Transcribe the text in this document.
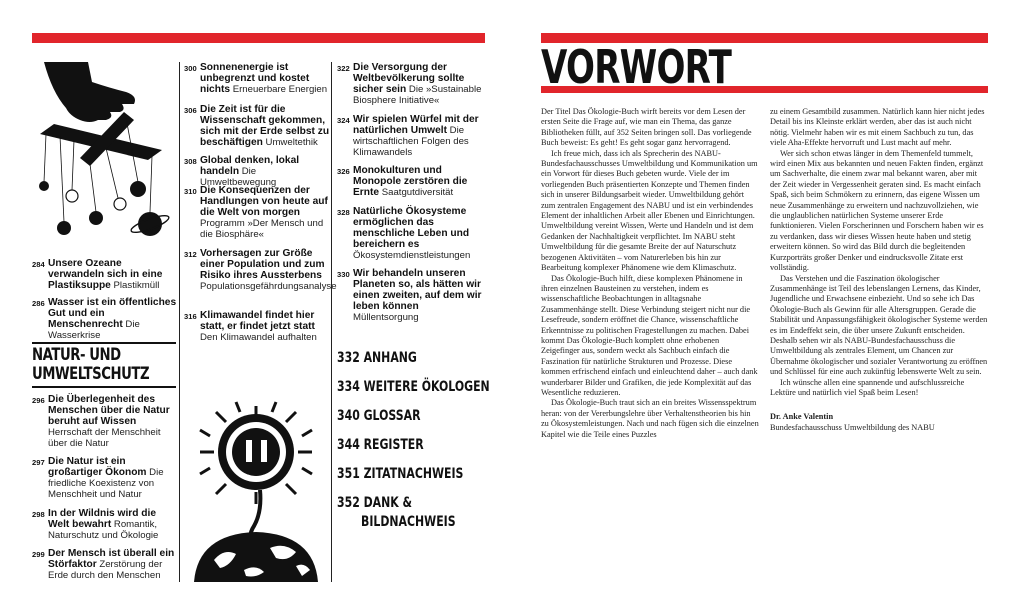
284 Unsere Ozeane verwandeln sich in eine Plastiksuppe Plastikmüll
286 Wasser ist ein öffentliches Gut und ein Menschenrecht Die Wasserkrise
NATUR- UND
UMWELTSCHUTZ
296 Die Überlegenheit des Menschen über die Natur beruht auf Wissen Herrschaft der Menschheit über die Natur
297 Die Natur ist ein großartiger Ökonom Die friedliche Koexistenz von Menschheit und Natur
298 In der Wildnis wird die Welt bewahrt Romantik, Naturschutz und Ökologie
299 Der Mensch ist überall ein Störfaktor Zerstörung der Erde durch den Menschen
300 Sonnenenergie ist unbegrenzt und kostet nichts Erneuerbare Energien
306 Die Zeit ist für die Wissenschaft gekommen, sich mit der Erde selbst zu beschäftigen Umweltethik
308 Global denken, lokal handeln Die Umweltbewegung
310 Die Konsequenzen der Handlungen von heute auf die Welt von morgen Programm »Der Mensch und die Biosphäre«
312 Vorhersagen zur Größe einer Population und zum Risiko ihres Aussterbens Populationsgefährdungsanalyse
316 Klimawandel findet hier statt, er findet jetzt statt Den Klimawandel aufhalten
322 Die Versorgung der Weltbevölkerung sollte sicher sein Die »Sustainable Biosphere Initiative«
324 Wir spielen Würfel mit der natürlichen Umwelt Die wirtschaftlichen Folgen des Klimawandels
326 Monokulturen und Monopole zerstören die Ernte Saatgutdiversität
328 Natürliche Ökosysteme ermöglichen das menschliche Leben und bereichern es Ökosystemdienstleistungen
330 Wir behandeln unseren Planeten so, als hätten wir einen zweiten, auf dem wir leben können Müllentsorgung
332 ANHANG
334 WEITERE ÖKOLOGEN
340 GLOSSAR
344 REGISTER
351 ZITATNACHWEIS
352 DANK &
BILDNACHWEIS
VORWORT

Der Titel Das Ökologie-Buch wirft bereits vor dem Lesen der ersten Seite die Frage auf, wie man ein Thema, das ganze Bibliotheken füllt, auf 352 Seiten bringen soll. Das vorliegende Buch beweist: Es geht! Es geht sogar ganz hervorragend.

Ich freue mich, dass ich als Sprecherin des NABU-Bundesfachausschusses Umweltbildung und Kommunikation um ein Vorwort für dieses Buch gebeten wurde. Viele der im vorliegenden Buch präsentierten Konzepte und Themen finden sich in unserer Bildungsarbeit wieder. Umweltbildung gehört zum zentralen Engagement des NABU und ist ein verbindendes Element der inhaltlichen Arbeit aller Ebenen und Einrichtungen. Umweltbildung vereint Wissen, Werte und Handeln und ist dem Gedanken der Nachhaltigkeit verpflichtet. Im NABU steht Umweltbildung für die gesamte Breite der auf Naturschutz bezogenen Aktivitäten – vom Naturerleben bis hin zur Bearbeitung komplexer Phänomene wie dem Klimaschutz.

Das Ökologie-Buch hilft, diese komplexen Phänomene in ihren einzelnen Bausteinen zu verstehen, indem es wissenschaftliche Beobachtungen in alltagsnahe Zusammenhänge stellt. Diese Verbindung steigert nicht nur die Lesefreude, sondern eröffnet die Chance, wissenschaftliche Erkenntnisse zu politischen Fragestellungen zu machen. Dabei kommt Das Ökologie-Buch komplett ohne erhobenen Zeigefinger aus, sondern weckt als Sachbuch einfach die Faszination für natürliche Strukturen und Prozesse. Diese kommen erfrischend einfach und einleuchtend daher – auch dank wunderbarer Bilder und Grafiken, die jede Komplexität auf das Wesentliche reduzieren.

Das Ökologie-Buch traut sich an ein breites Wissensspektrum heran: von der Vererbungslehre über Verhaltenstheorien bis hin zu Ökosystemleistungen. Nach und nach fügen sich die einzelnen Kapitel wie die Teile eines Puzzles

zu einem Gesamtbild zusammen. Natürlich kann hier nicht jedes Detail bis ins Kleinste erklärt werden, aber das ist auch nicht nötig. Vielmehr haben wir es mit einem Sachbuch zu tun, das viele Aha-Effekte hervorruft und Lust macht auf mehr.

Wer sich schon etwas länger in dem Themenfeld tummelt, wird einen Mix aus bekannten und neuen Fakten finden, ergänzt um Sachverhalte, die einem zwar mal bekannt waren, aber mit der Zeit wieder in Vergessenheit geraten sind. Es macht einfach Spaß, sich beim Schmökern zu erinnern, das eigene Wissen um neue Zusammenhänge zu erweitern und nachzuvollziehen, wie die unglaublichen natürlichen Systeme unserer Erde funktionieren. Vielen Forscherinnen und Forschern haben wir es zu verdanken, dass wir dieses Wissen heute haben und stetig erweitern können. So wird das Bild durch die begleitenden Kurzporträts großer Denker und eindrucksvolle Zitate erst vollständig.

Das Verstehen und die Faszination ökologischer Zusammenhänge ist Teil des lebenslangen Lernens, das Kinder, Jugendliche und Erwachsene einbezieht. Und so sehe ich Das Ökologie-Buch als Gewinn für alle Altersgruppen. Gerade die Stabilität und Anpassungsfähigkeit ökologischer Systeme werden es im Endeffekt sein, die über unsere Zukunft entscheiden. Deshalb sehen wir als NABU-Bundesfachausschuss die Umweltbildung als zentrales Element, um Chancen zur Übernahme ökologischer und sozialer Verantwortung zu eröffnen und Schlüssel für eine auch zukünftig lebenswerte Welt zu sein.

Ich wünsche allen eine spannende und aufschlussreiche Lektüre und natürlich viel Spaß beim Lesen!

Dr. Anke Valentin

Bundesfachausschuss Umweltbildung des NABU
